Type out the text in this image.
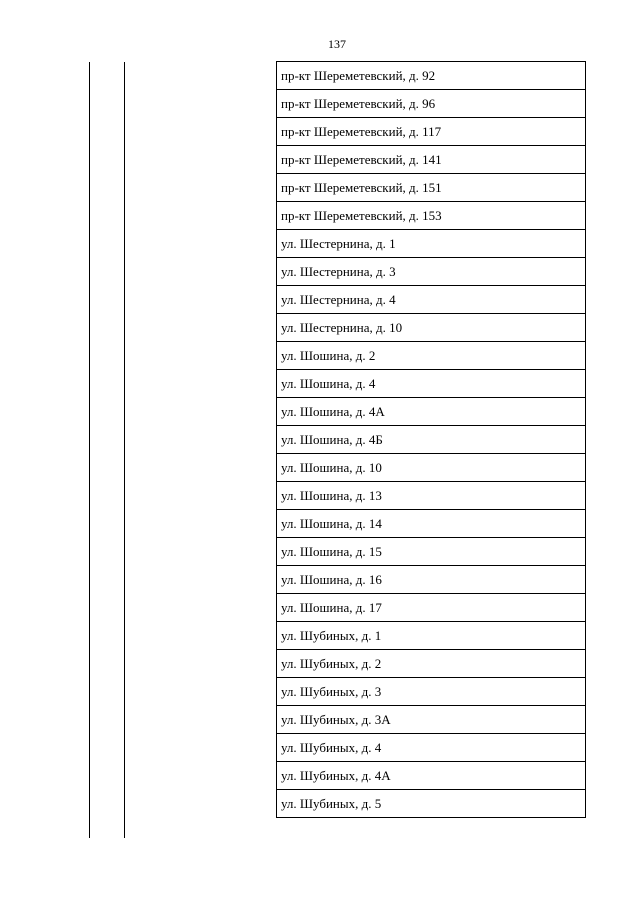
137
пр-кт Шереметевский, д. 92
пр-кт Шереметевский, д. 96
пр-кт Шереметевский, д. 117
пр-кт Шереметевский, д. 141
пр-кт Шереметевский, д. 151
пр-кт Шереметевский, д. 153
ул. Шестернина, д. 1
ул. Шестернина, д. 3
ул. Шестернина, д. 4
ул. Шестернина, д. 10
ул. Шошина, д. 2
ул. Шошина, д. 4
ул. Шошина, д. 4А
ул. Шошина, д. 4Б
ул. Шошина, д. 10
ул. Шошина, д. 13
ул. Шошина, д. 14
ул. Шошина, д. 15
ул. Шошина, д. 16
ул. Шошина, д. 17
ул. Шубиных, д. 1
ул. Шубиных, д. 2
ул. Шубиных, д. 3
ул. Шубиных, д. 3А
ул. Шубиных, д. 4
ул. Шубиных, д. 4А
ул. Шубиных, д. 5
